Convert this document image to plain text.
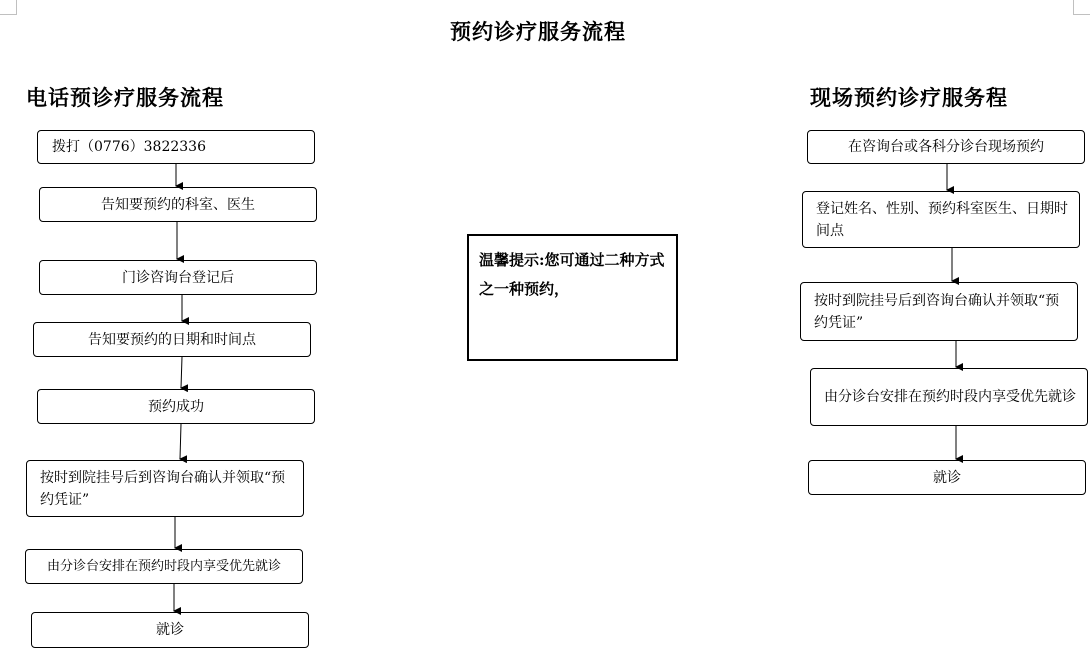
预约诊疗服务流程
电话预诊疗服务流程
拨打（0776）3822336
告知要预约的科室、医生
门诊咨询台登记后
告知要预约的日期和时间点
预约成功
按时到院挂号后到咨询台确认并领取“预约凭证”
由分诊台安排在预约时段内享受优先就诊
就诊
温馨提示:您可通过二种方式之一种预约，
现场预约诊疗服务程
在咨询台或各科分诊台现场预约
登记姓名、性别、预约科室医生、日期时间点
按时到院挂号后到咨询台确认并领取“预约凭证”
由分诊台安排在预约时段内享受优先就诊
就诊
